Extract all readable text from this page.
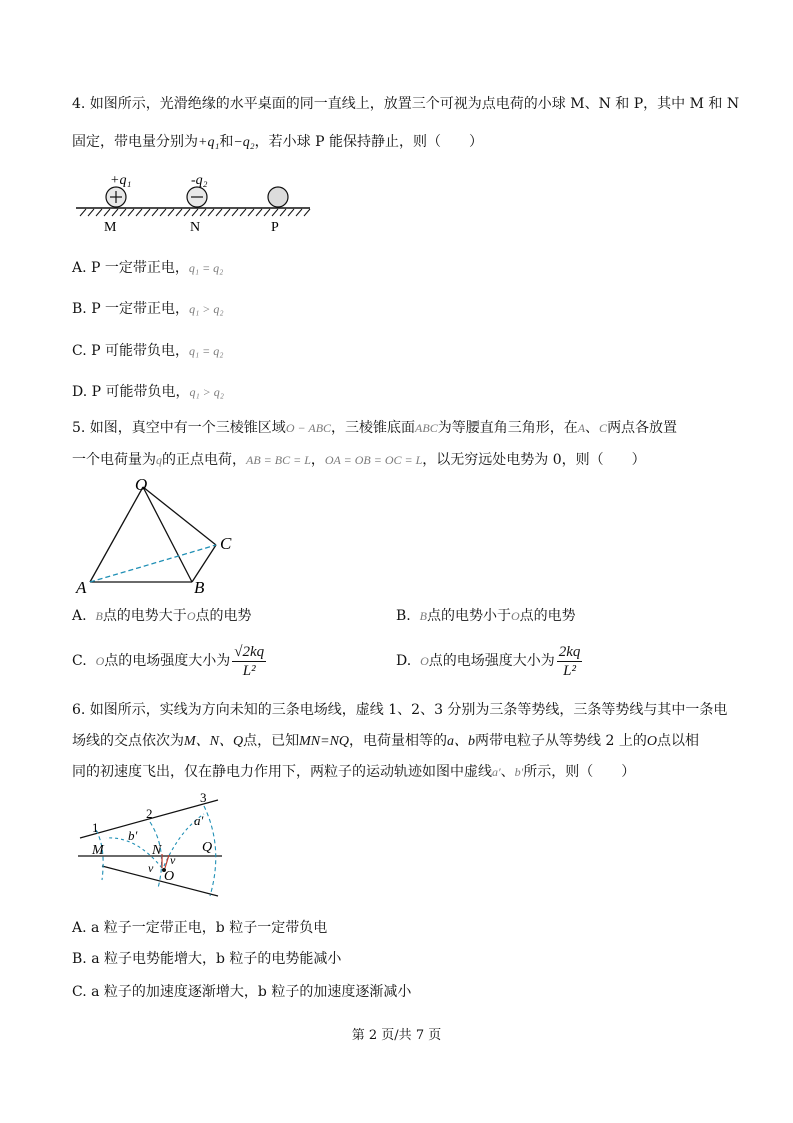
4. 如图所示，光滑绝缘的水平桌面的同一直线上，放置三个可视为点电荷的小球 M、N 和 P，其中 M 和 N
固定，带电量分别为+q₁和−q₂，若小球 P 能保持静止，则（　　）
+q₁	-q₂
M	N	P
A. P 一定带正电，q₁ = q₂
B. P 一定带正电，q₁ > q₂
C. P 可能带负电，q₁ = q₂
D. P 可能带负电，q₁ > q₂
5. 如图，真空中有一个三棱锥区域O − ABC，三棱锥底面ABC为等腰直角三角形，在A、C两点各放置
一个电荷量为q的正点电荷，AB = BC = L，OA = OB = OC = L，以无穷远处电势为 0，则（　　）
O
A	B
C
A. B点的电势大于O点的电势	B. B点的电势小于O点的电势
C. O点的电场强度大小为 $\frac{√2kq}{\text{L²}}$	D. O点的电场强度大小为 $\frac{2kq}{\text{L²}}$
6. 如图所示，实线为方向未知的三条电场线，虚线 1、2、3 分别为三条等势线，三条等势线与其中一条电
场线的交点依次为M、N、Q点，已知MN=NQ，电荷量相等的a、b两带电粒子从等势线 2 上的O点以相
同的初速度飞出，仅在静电力作用下，两粒子的运动轨迹如图中虚线a′、b′所示，则（　　）
1
2
3
M	N	Q
O
a′
b′
v
v
A. a 粒子一定带正电，b 粒子一定带负电
B. a 粒子电势能增大，b 粒子的电势能减小
C. a 粒子的加速度逐渐增大，b 粒子的加速度逐渐减小
第 2 页/共 7 页
